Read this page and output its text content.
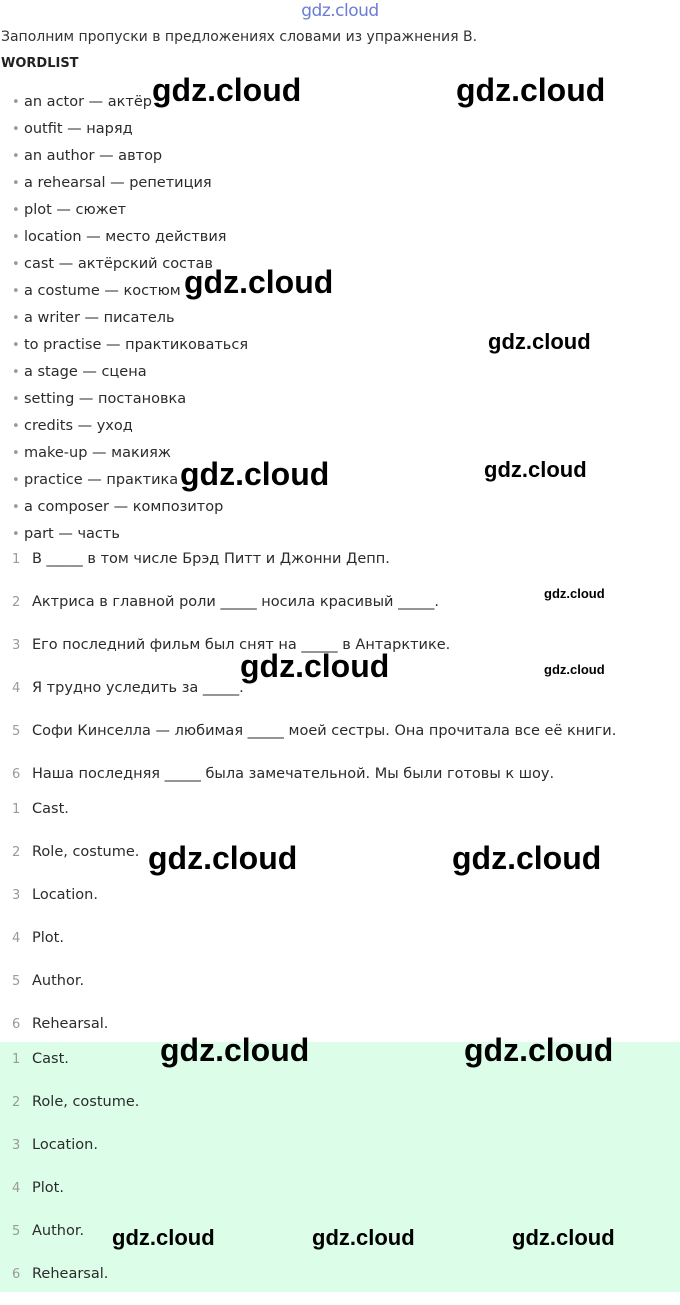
gdz.cloud
Заполним пропуски в предложениях словами из упражнения B.
WORDLIST
• an actor — актёр
• outfit — наряд
• an author — автор
• a rehearsal — репетиция
• plot — сюжет
• location — место действия
• cast — актёрский состав
• a costume — костюм
• a writer — писатель
• to practise — практиковаться
• a stage — сцена
• setting — постановка
• credits — уход
• make-up — макияж
• practice — практика
• a composer — композитор
• part — часть
1 В _____ в том числе Брэд Питт и Джонни Депп.
2 Актриса в главной роли _____ носила красивый _____.
3 Его последний фильм был снят на _____ в Антарктике.
4 Я трудно уследить за _____.
5 Софи Кинселла — любимая _____ моей сестры. Она прочитала все её книги.
6 Наша последняя _____ была замечательной. Мы были готовы к шоу.
1 Cast.
2 Role, costume.
3 Location.
4 Plot.
5 Author.
6 Rehearsal.
1 Cast.
2 Role, costume.
3 Location.
4 Plot.
5 Author.
6 Rehearsal.
gdz.cloud	gdz.cloud
gdz.cloud
gdz.cloud
gdz.cloud	gdz.cloud
gdz.cloud
gdz.cloud	gdz.cloud
gdz.cloud	gdz.cloud
gdz.cloud	gdz.cloud
gdz.cloud	gdz.cloud	gdz.cloud
